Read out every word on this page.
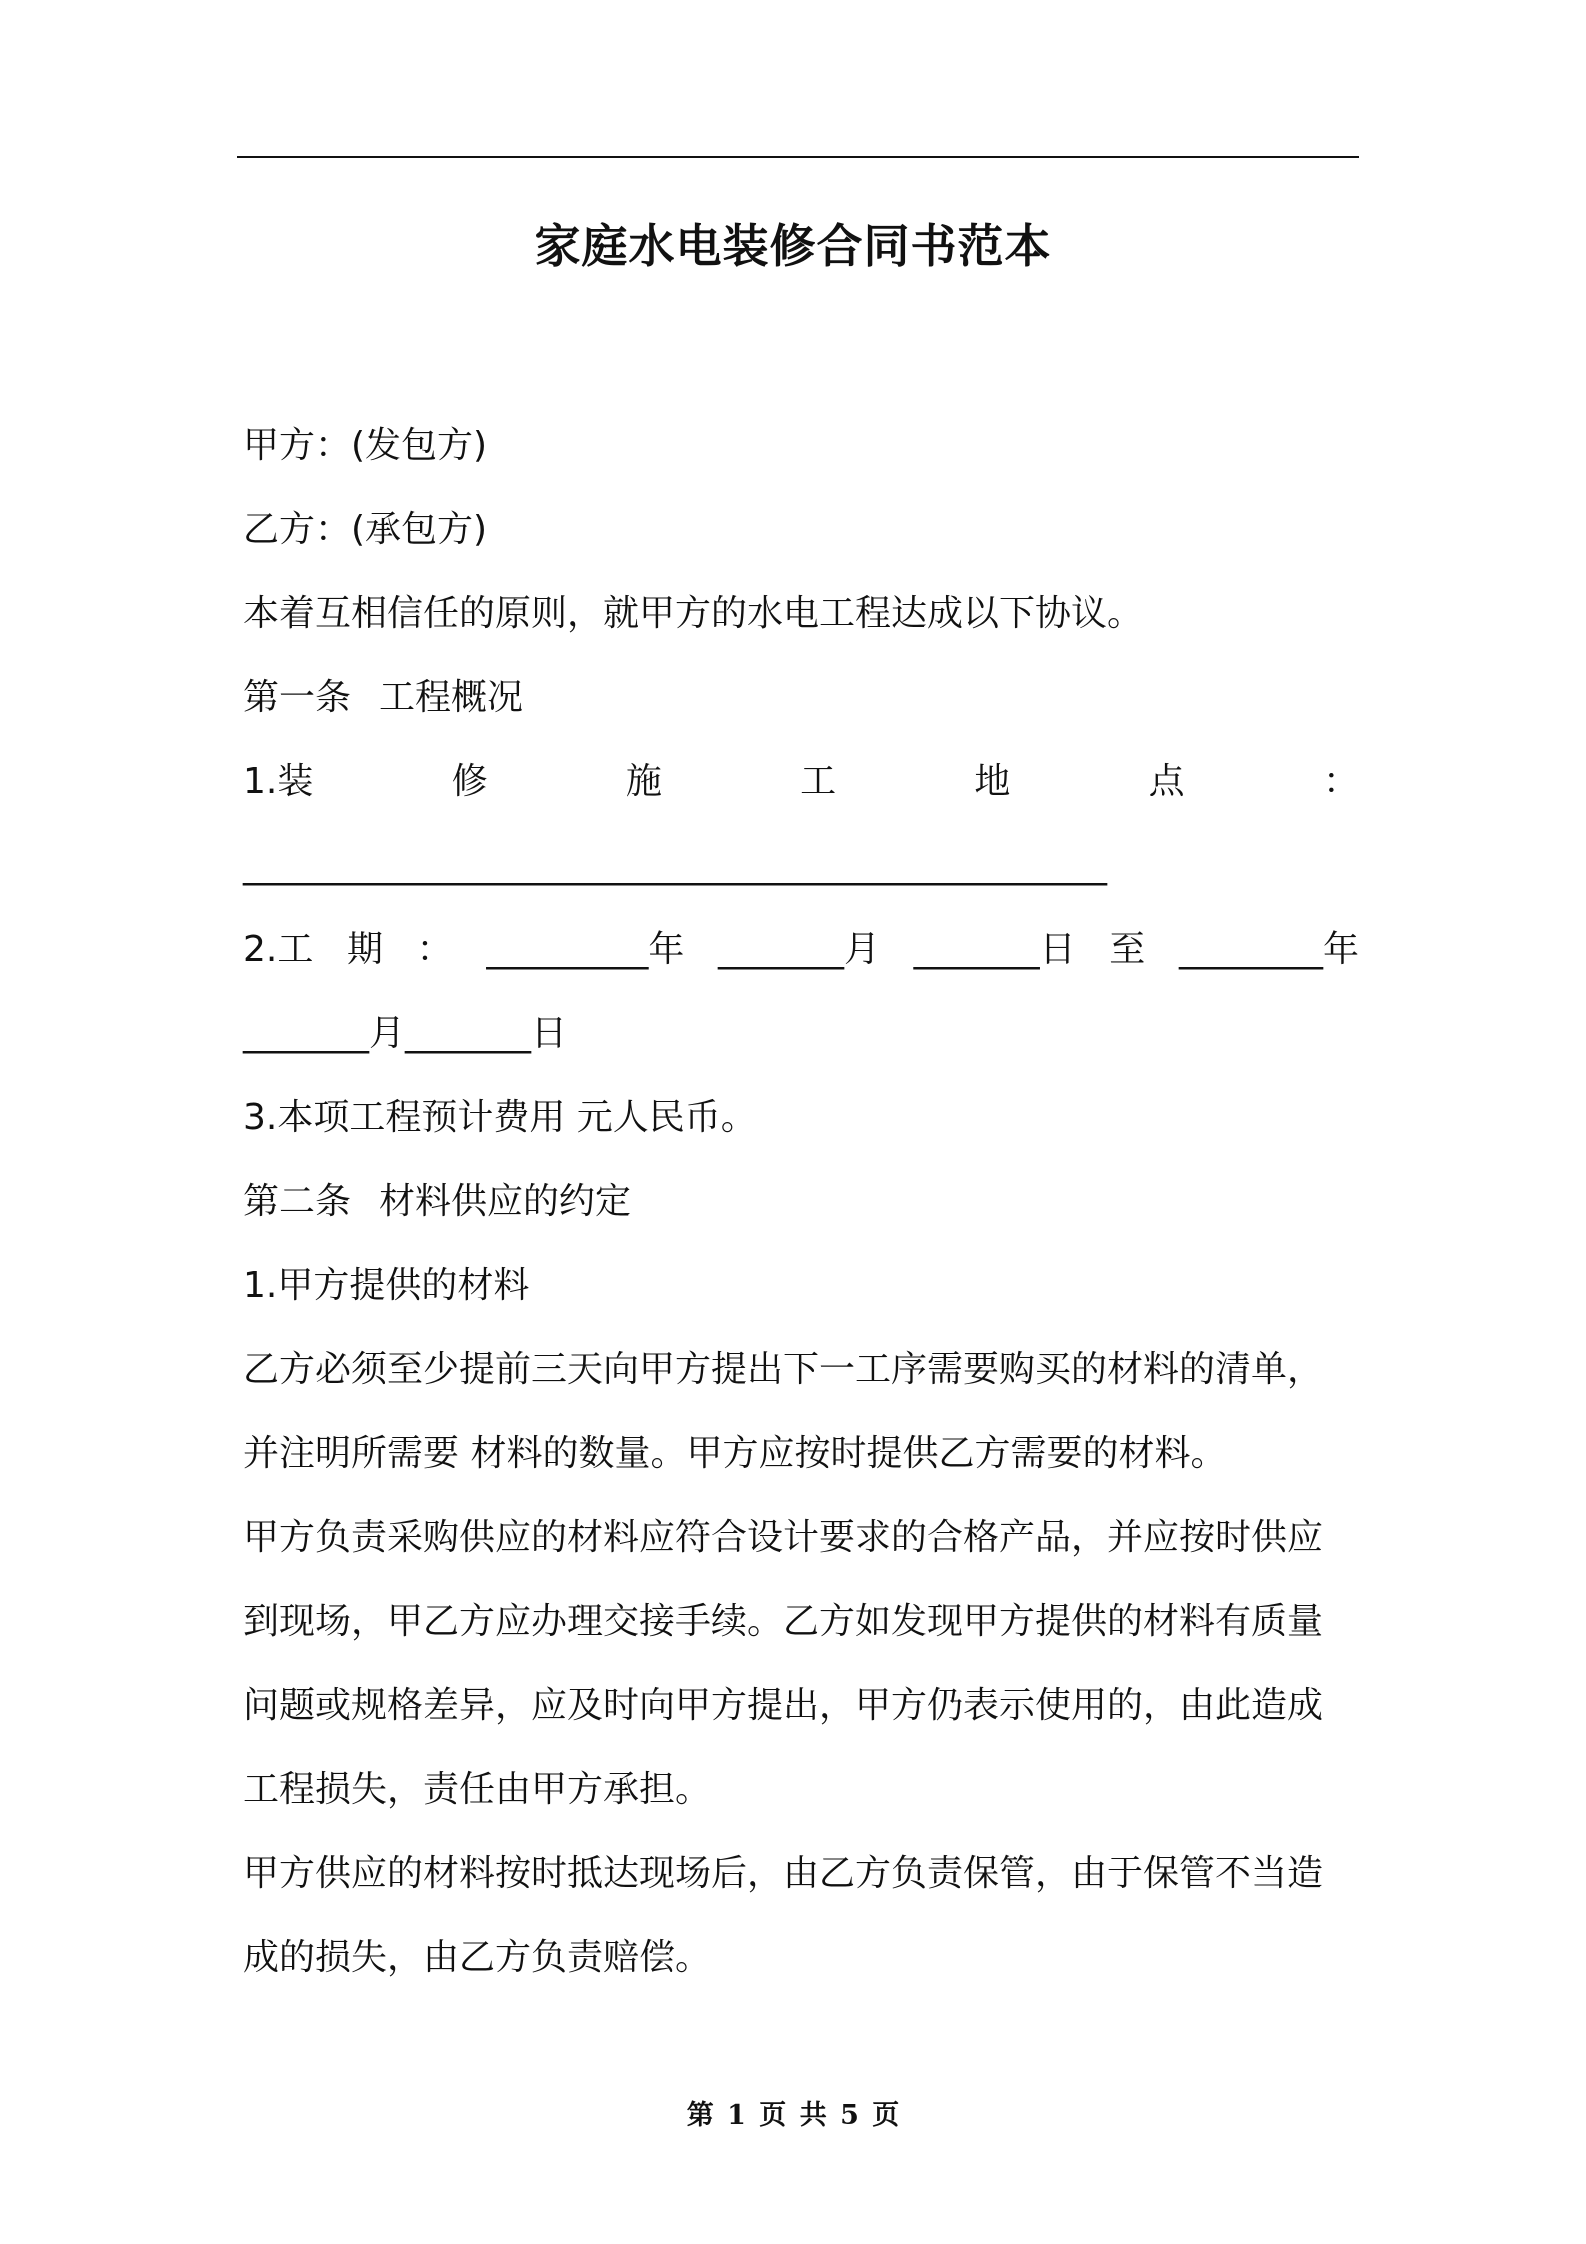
家庭水电装修合同书范本
甲方：(发包方)
乙方：(承包方)
本着互相信任的原则，就甲方的水电工程达成以下协议。
第一条 工程概况
1.装	修	施	工	地	点	：
________________________________________________
2.工 期 ： _________年 _______月 _______日 至 ________年
_______月_______日
3.本项工程预计费用 元人民币。
第二条 材料供应的约定
1.甲方提供的材料
乙方必须至少提前三天向甲方提出下一工序需要购买的材料的清单，
并注明所需要 材料的数量。甲方应按时提供乙方需要的材料。
甲方负责采购供应的材料应符合设计要求的合格产品，并应按时供应
到现场，甲乙方应办理交接手续。乙方如发现甲方提供的材料有质量
问题或规格差异，应及时向甲方提出，甲方仍表示使用的，由此造成
工程损失，责任由甲方承担。
甲方供应的材料按时抵达现场后，由乙方负责保管，由于保管不当造
成的损失，由乙方负责赔偿。
第 1 页 共 5 页
